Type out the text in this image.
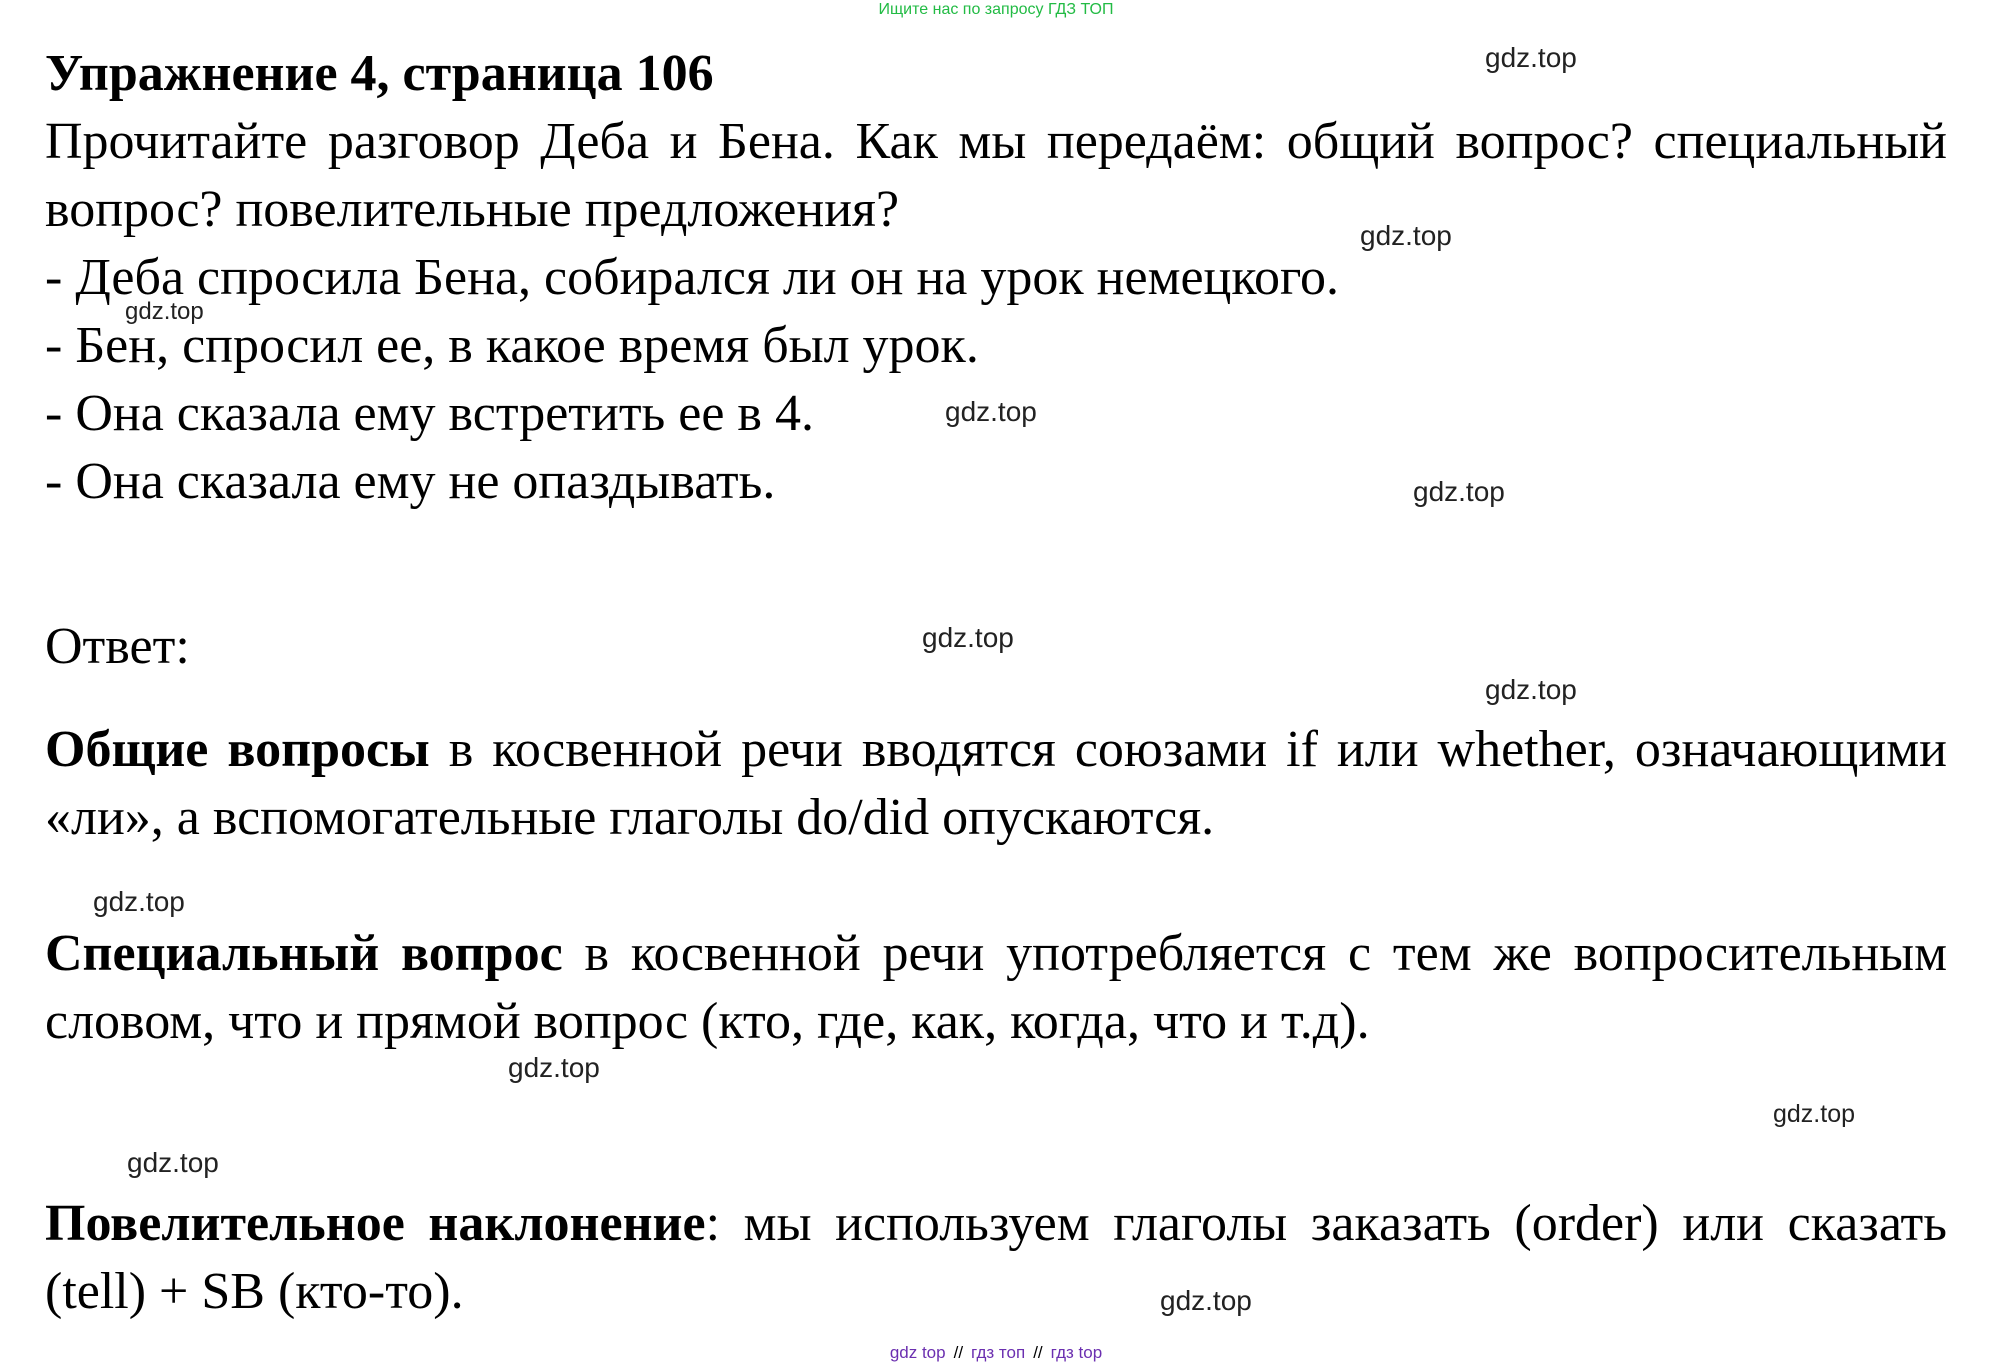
Ищите нас по запросу ГДЗ ТОП
Упражнение 4, страница 106

Прочитайте разговор Деба и Бена. Как мы передаём: общий вопрос? специальный вопрос? повелительные предложения?

- Деба спросила Бена, собирался ли он на урок немецкого.

- Бен, спросил ее, в какое время был урок.

- Она сказала ему встретить ее в 4.

- Она сказала ему не опаздывать.

Ответ:

Общие вопросы в косвенной речи вводятся союзами if или whether, означающими «ли», а вспомогательные глаголы do/did опускаются.

Специальный вопрос в косвенной речи употребляется с тем же вопросительным словом, что и прямой вопрос (кто, где, как, когда, что и т.д).

Повелительное наклонение: мы используем глаголы заказать (order) или сказать (tell) + SB (кто-то).

gdz.top
gdz.top
gdz.top
gdz.top
gdz.top
gdz.top
gdz.top
gdz.top
gdz.top
gdz.top
gdz.top
gdz.top
gdz top // гдз топ // гдз top
